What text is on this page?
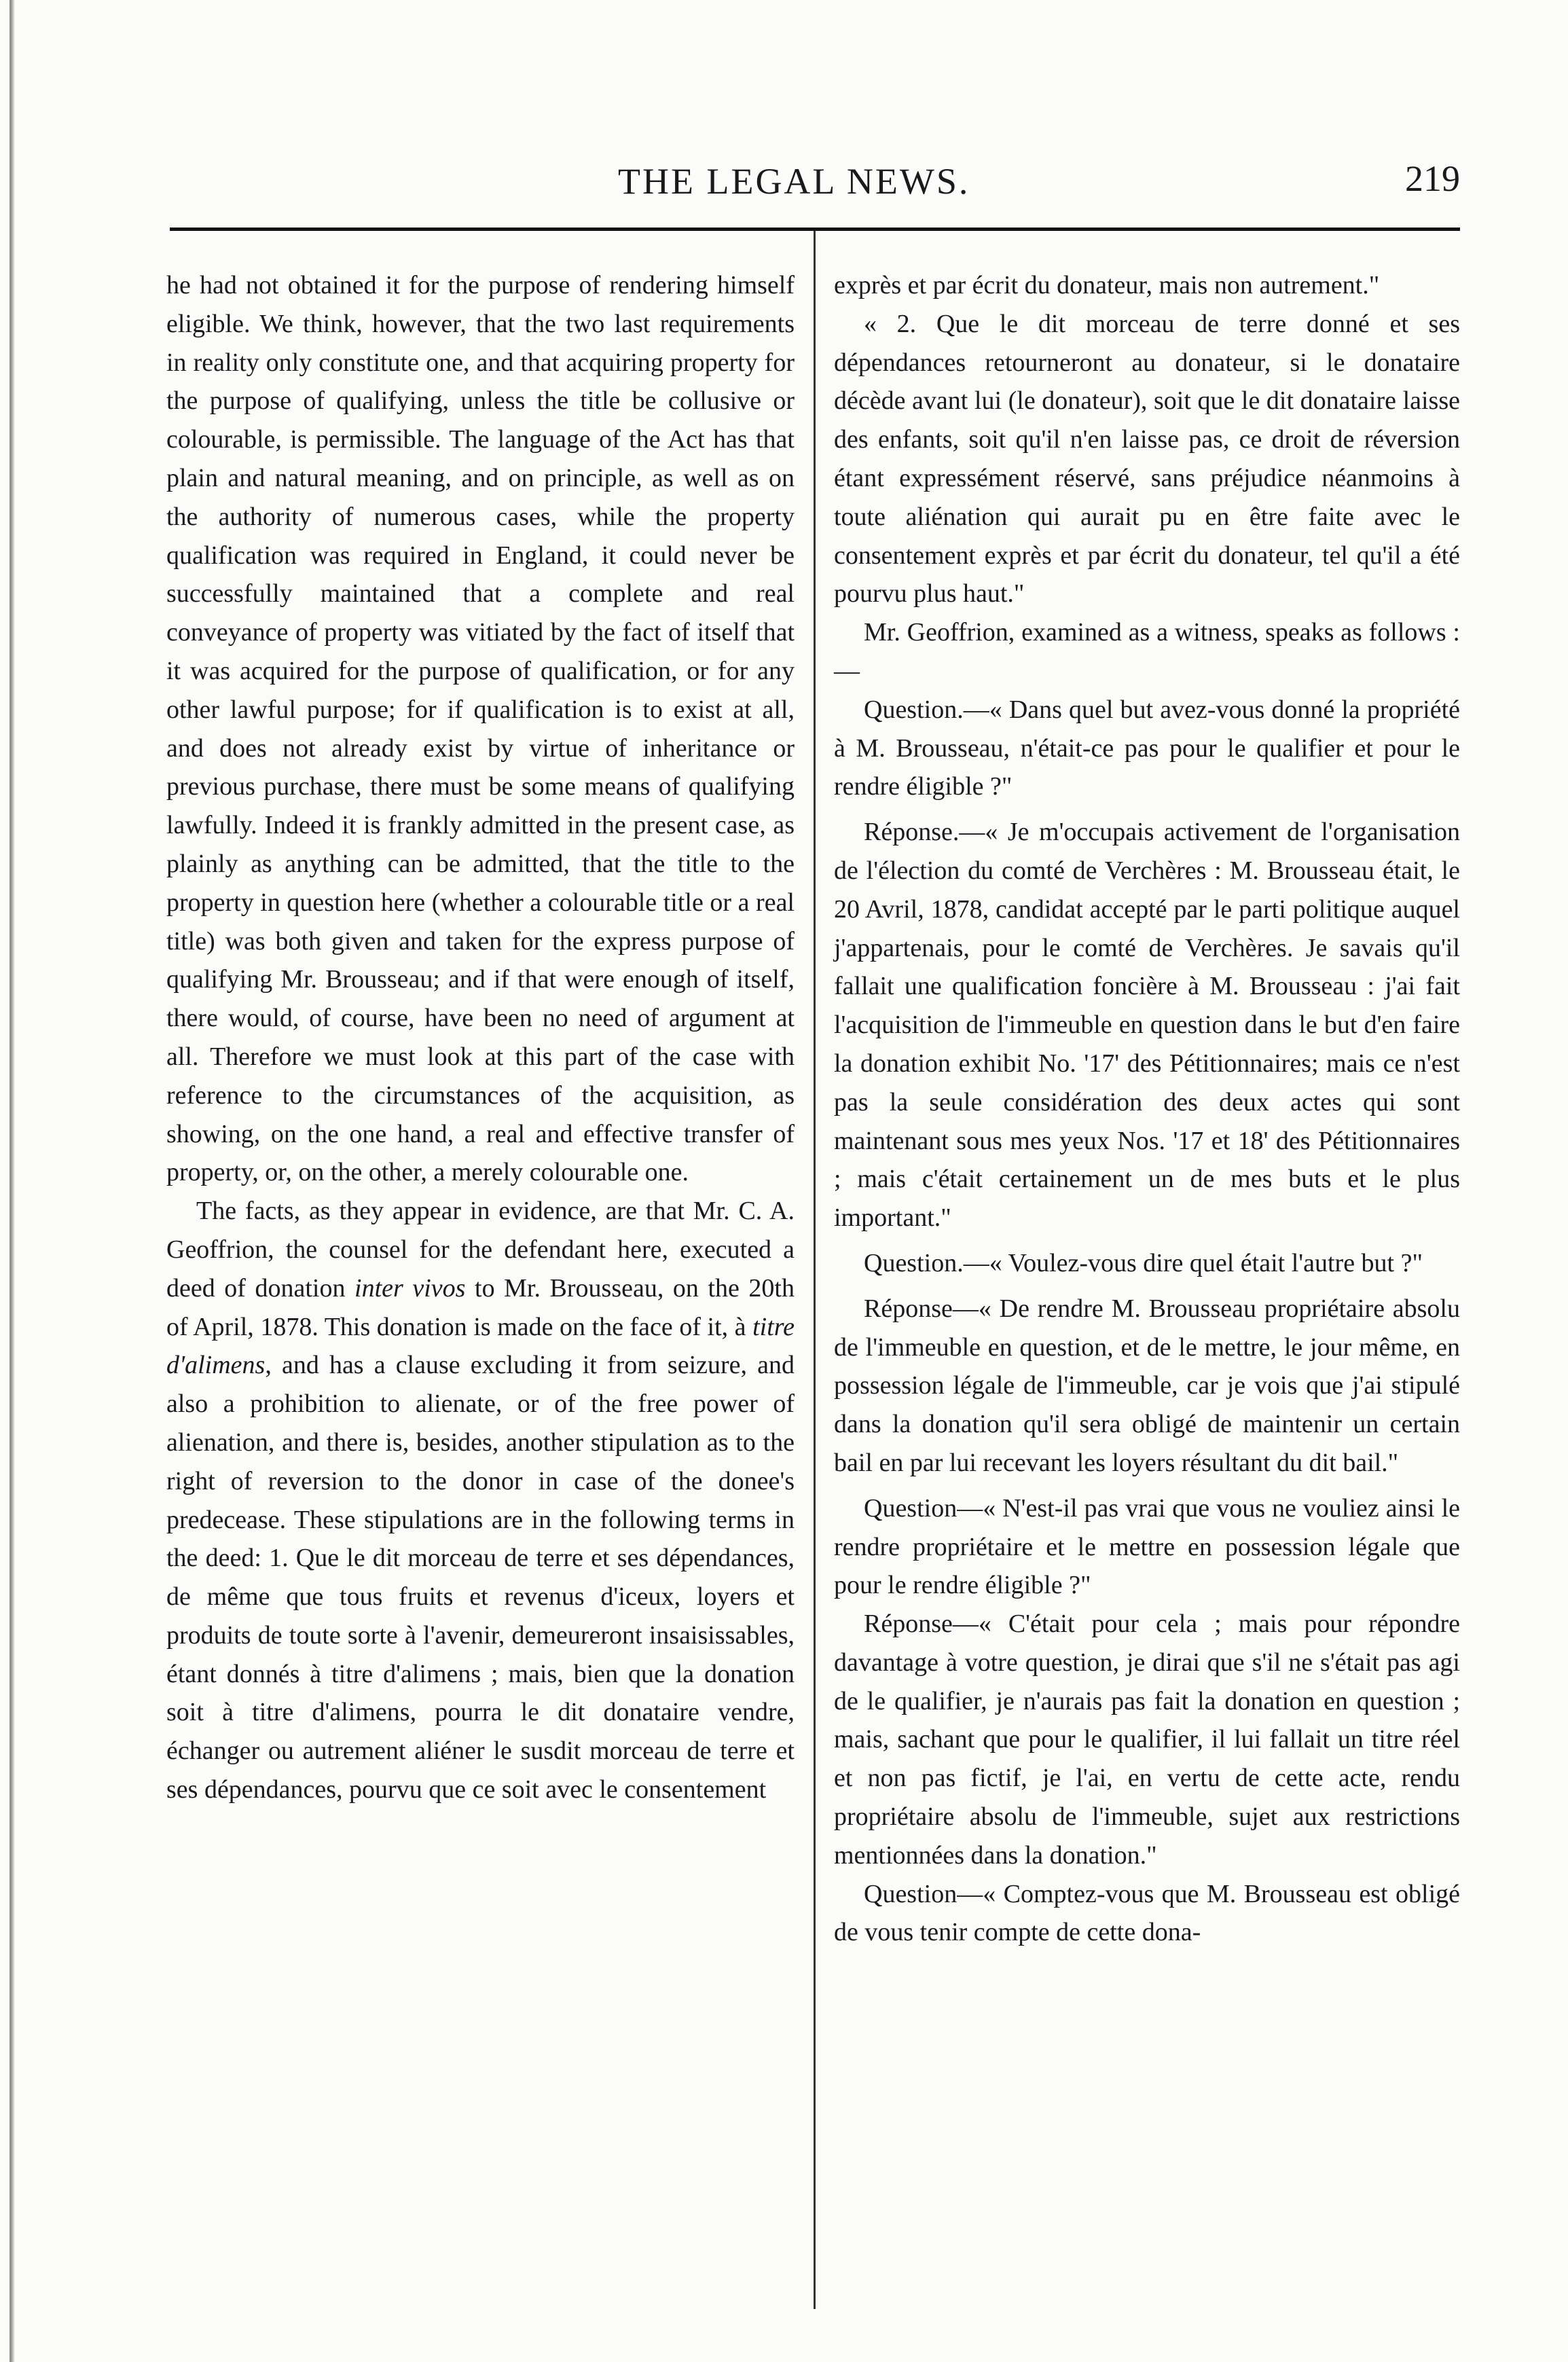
THE LEGAL NEWS.	219

he had not obtained it for the purpose of rendering himself eligible. We think, however, that the two last requirements in reality only constitute one, and that acquiring property for the purpose of qualifying, unless the title be collusive or colourable, is permissible. The language of the Act has that plain and natural meaning, and on principle, as well as on the authority of numerous cases, while the property qualification was required in England, it could never be successfully maintained that a complete and real conveyance of property was vitiated by the fact of itself that it was acquired for the purpose of qualification, or for any other lawful purpose; for if qualification is to exist at all, and does not already exist by virtue of inheritance or previous purchase, there must be some means of qualifying lawfully. Indeed it is frankly admitted in the present case, as plainly as anything can be admitted, that the title to the property in question here (whether a colourable title or a real title) was both given and taken for the express purpose of qualifying Mr. Brousseau; and if that were enough of itself, there would, of course, have been no need of argument at all. Therefore we must look at this part of the case with reference to the circumstances of the acquisition, as showing, on the one hand, a real and effective transfer of property, or, on the other, a merely colourable one.

The facts, as they appear in evidence, are that Mr. C. A. Geoffrion, the counsel for the defendant here, executed a deed of donation inter vivos to Mr. Brousseau, on the 20th of April, 1878. This donation is made on the face of it, à titre d'alimens, and has a clause excluding it from seizure, and also a prohibition to alienate, or of the free power of alienation, and there is, besides, another stipulation as to the right of reversion to the donor in case of the donee's predecease. These stipulations are in the following terms in the deed: 1. Que le dit morceau de terre et ses dépendances, de même que tous fruits et revenus d'iceux, loyers et produits de toute sorte à l'avenir, demeureront insaisissables, étant donnés à titre d'alimens ; mais, bien que la donation soit à titre d'alimens, pourra le dit donataire vendre, échanger ou autrement aliéner le susdit morceau de terre et ses dépendances, pourvu que ce soit avec le consentement

exprès et par écrit du donateur, mais non autrement."

« 2. Que le dit morceau de terre donné et ses dépendances retourneront au donateur, si le donataire décède avant lui (le donateur), soit que le dit donataire laisse des enfants, soit qu'il n'en laisse pas, ce droit de réversion étant expressément réservé, sans préjudice néanmoins à toute aliénation qui aurait pu en être faite avec le consentement exprès et par écrit du donateur, tel qu'il a été pourvu plus haut."

Mr. Geoffrion, examined as a witness, speaks as follows :—

Question.—« Dans quel but avez-vous donné la propriété à M. Brousseau, n'était-ce pas pour le qualifier et pour le rendre éligible ?"

Réponse.—« Je m'occupais activement de l'organisation de l'élection du comté de Verchères : M. Brousseau était, le 20 Avril, 1878, candidat accepté par le parti politique auquel j'appartenais, pour le comté de Verchères. Je savais qu'il fallait une qualification foncière à M. Brousseau : j'ai fait l'acquisition de l'immeuble en question dans le but d'en faire la donation exhibit No. '17' des Pétitionnaires; mais ce n'est pas la seule considération des deux actes qui sont maintenant sous mes yeux Nos. '17 et 18' des Pétitionnaires ; mais c'était certainement un de mes buts et le plus important."

Question.—« Voulez-vous dire quel était l'autre but ?"

Réponse—« De rendre M. Brousseau propriétaire absolu de l'immeuble en question, et de le mettre, le jour même, en possession légale de l'immeuble, car je vois que j'ai stipulé dans la donation qu'il sera obligé de maintenir un certain bail en par lui recevant les loyers résultant du dit bail."

Question—« N'est-il pas vrai que vous ne vouliez ainsi le rendre propriétaire et le mettre en possession légale que pour le rendre éligible ?"

Réponse—« C'était pour cela ; mais pour répondre davantage à votre question, je dirai que s'il ne s'était pas agi de le qualifier, je n'aurais pas fait la donation en question ; mais, sachant que pour le qualifier, il lui fallait un titre réel et non pas fictif, je l'ai, en vertu de cette acte, rendu propriétaire absolu de l'immeuble, sujet aux restrictions mentionnées dans la donation."

Question—« Comptez-vous que M. Brousseau est obligé de vous tenir compte de cette dona-
